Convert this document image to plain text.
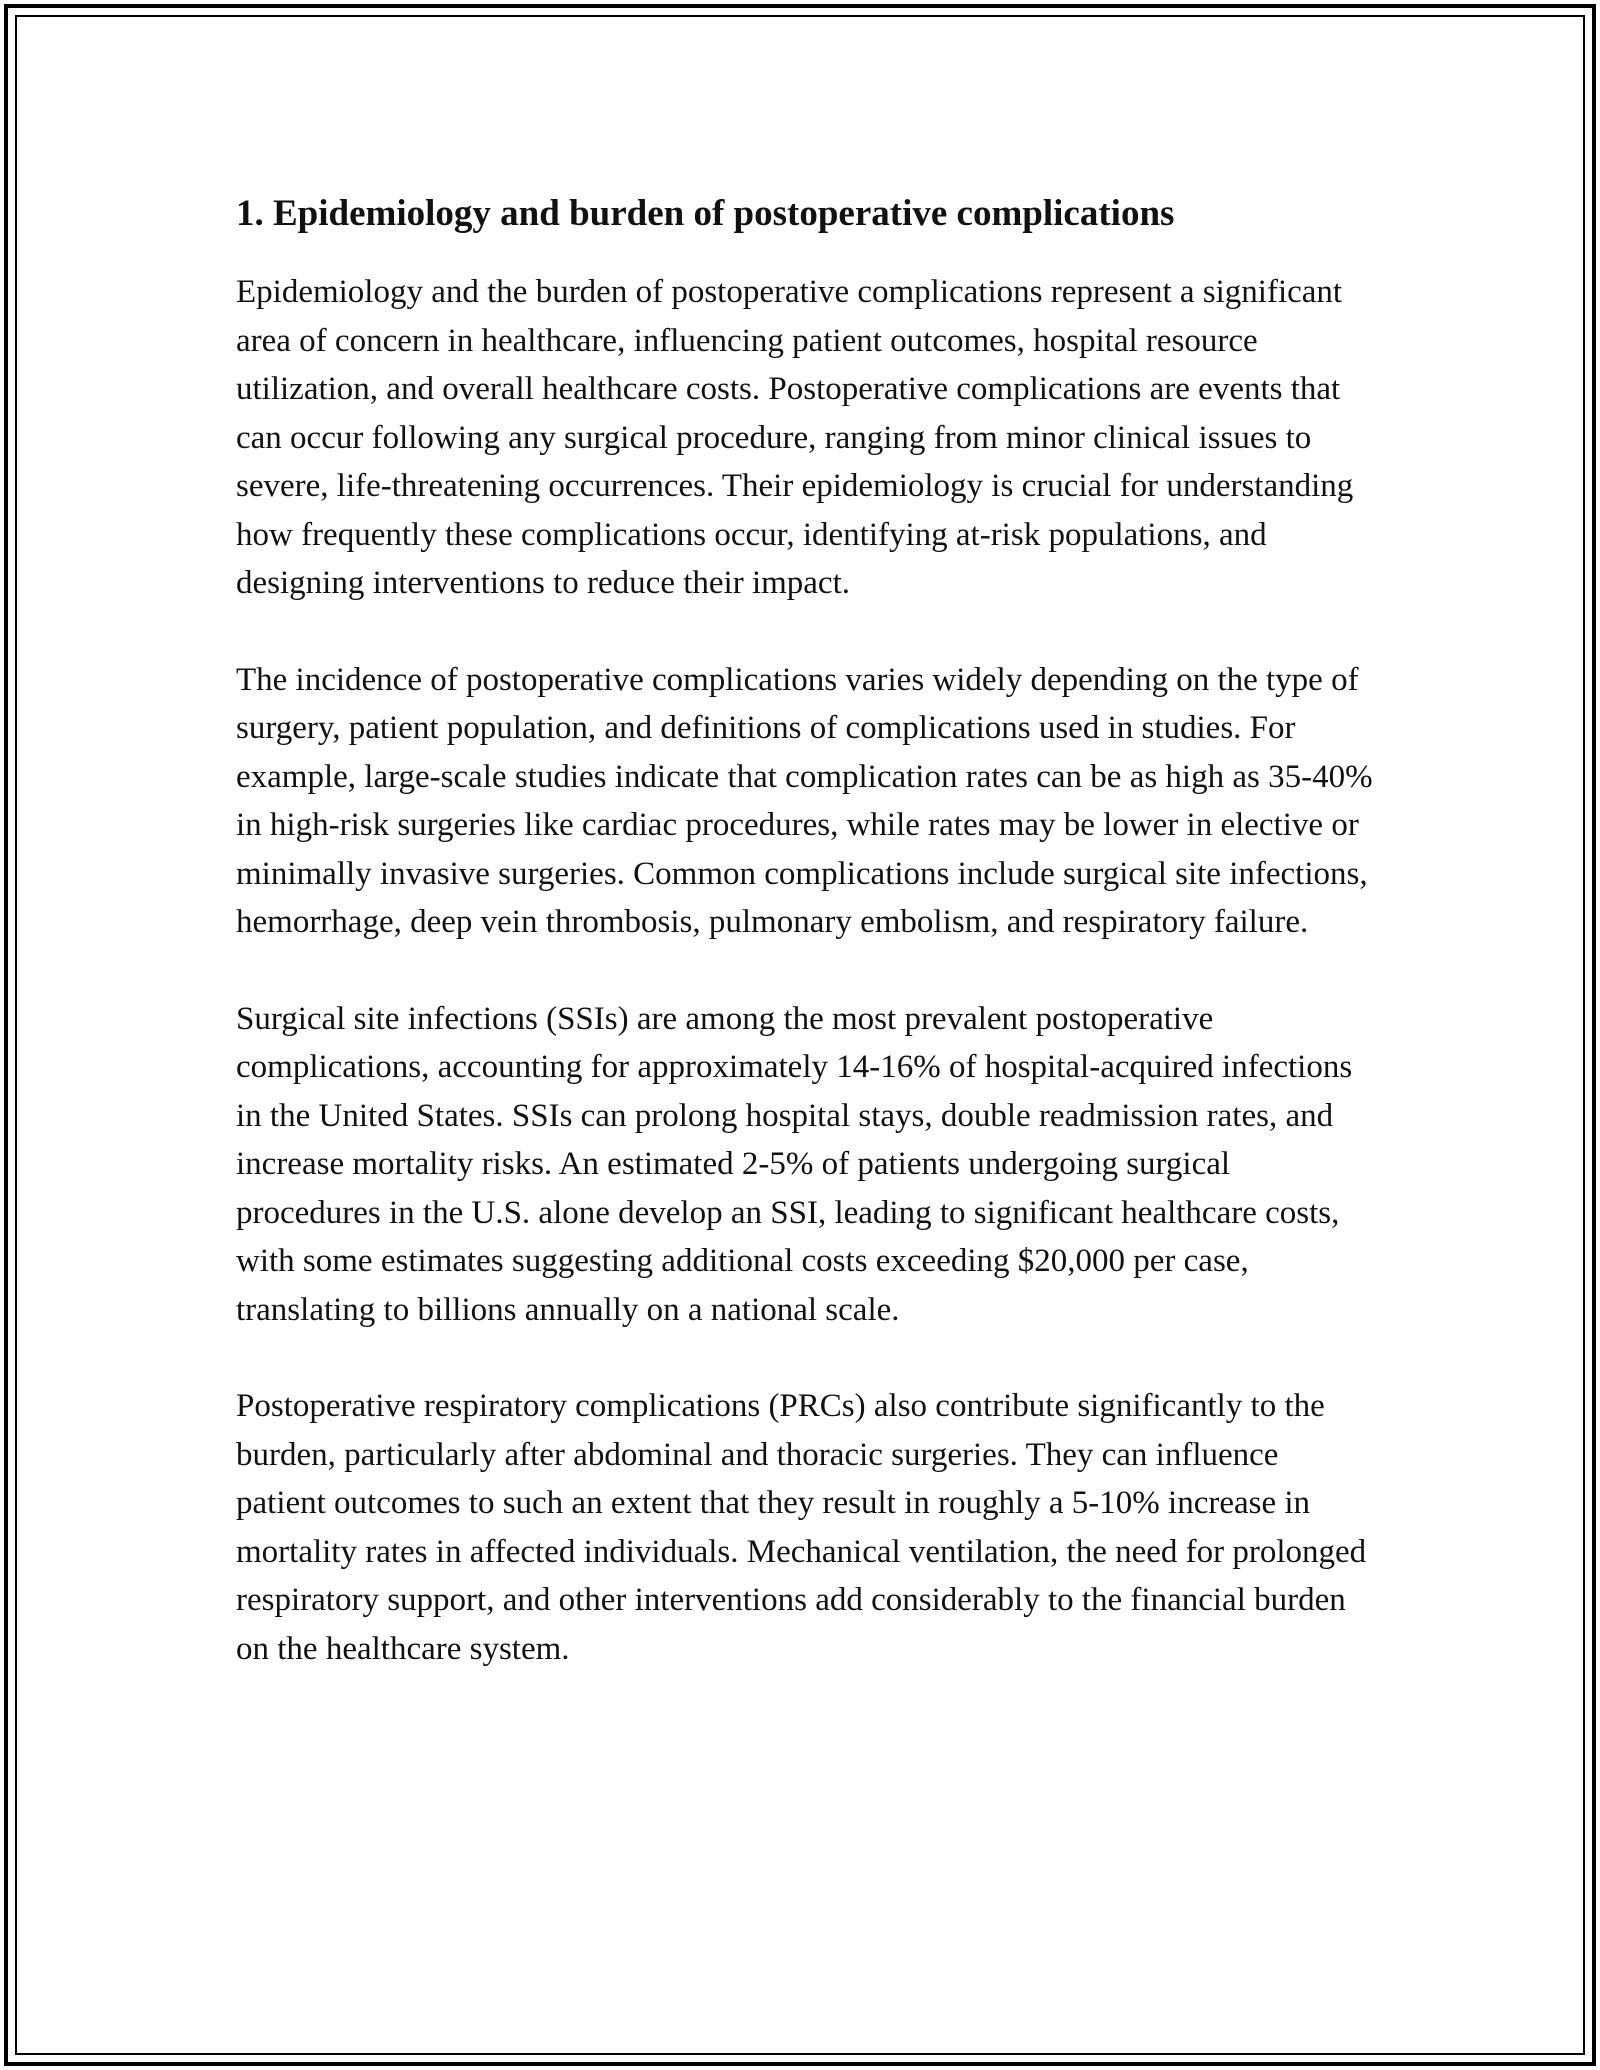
1. Epidemiology and burden of postoperative complications

Epidemiology and the burden of postoperative complications represent a significant area of concern in healthcare, influencing patient outcomes, hospital resource utilization, and overall healthcare costs. Postoperative complications are events that can occur following any surgical procedure, ranging from minor clinical issues to severe, life-threatening occurrences. Their epidemiology is crucial for understanding how frequently these complications occur, identifying at-risk populations, and designing interventions to reduce their impact.

The incidence of postoperative complications varies widely depending on the type of surgery, patient population, and definitions of complications used in studies. For example, large-scale studies indicate that complication rates can be as high as 35-40% in high-risk surgeries like cardiac procedures, while rates may be lower in elective or minimally invasive surgeries. Common complications include surgical site infections, hemorrhage, deep vein thrombosis, pulmonary embolism, and respiratory failure.

Surgical site infections (SSIs) are among the most prevalent postoperative complications, accounting for approximately 14-16% of hospital-acquired infections in the United States. SSIs can prolong hospital stays, double readmission rates, and increase mortality risks. An estimated 2-5% of patients undergoing surgical procedures in the U.S. alone develop an SSI, leading to significant healthcare costs, with some estimates suggesting additional costs exceeding $20,000 per case, translating to billions annually on a national scale.

Postoperative respiratory complications (PRCs) also contribute significantly to the burden, particularly after abdominal and thoracic surgeries. They can influence patient outcomes to such an extent that they result in roughly a 5-10% increase in mortality rates in affected individuals. Mechanical ventilation, the need for prolonged respiratory support, and other interventions add considerably to the financial burden on the healthcare system.
